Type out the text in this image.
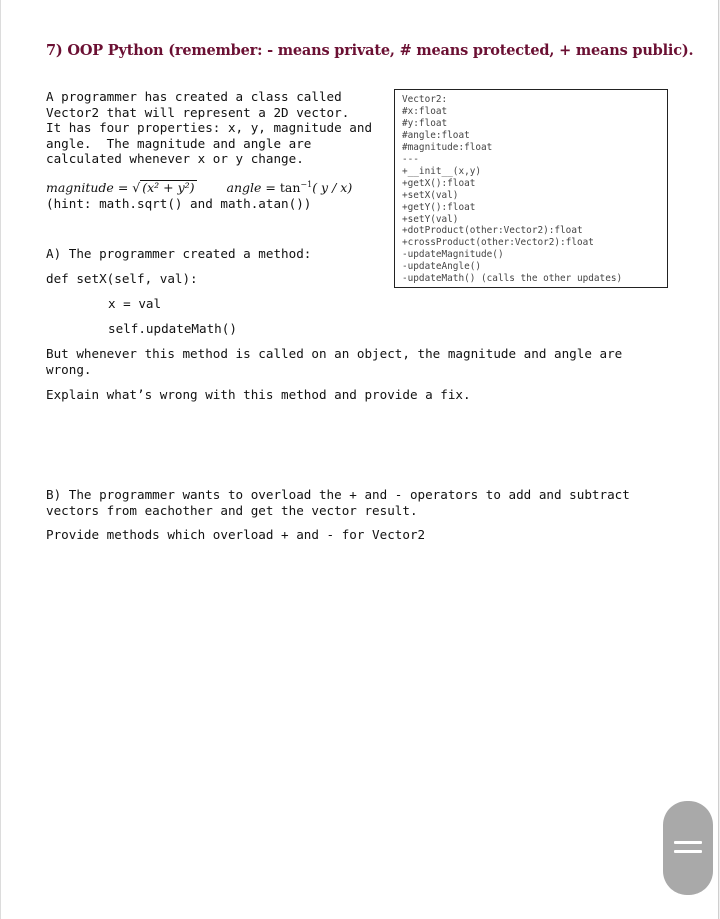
7) OOP Python (remember: - means private, # means protected, + means public).
A programmer has created a class called
Vector2 that will represent a 2D vector.
It has four properties: x, y, magnitude and
angle.  The magnitude and angle are
calculated whenever x or y change.
magnitude = √ (x² + y²)	angle = $\tan^{-1}$( y / x)
(hint: math.sqrt() and math.atan())
Vector2:
#x:float
#y:float
#angle:float
#magnitude:float
---
+__init__(x,y)
+getX():float
+setX(val)
+getY():float
+setY(val)
+dotProduct(other:Vector2):float
+crossProduct(other:Vector2):float
-updateMagnitude()
-updateAngle()
-updateMath() (calls the other updates)
A) The programmer created a method:
def setX(self, val):
x = val
self.updateMath()
But whenever this method is called on an object, the magnitude and angle are
wrong.
Explain what’s wrong with this method and provide a fix.
B) The programmer wants to overload the + and - operators to add and subtract
vectors from eachother and get the vector result.
Provide methods which overload + and - for Vector2
